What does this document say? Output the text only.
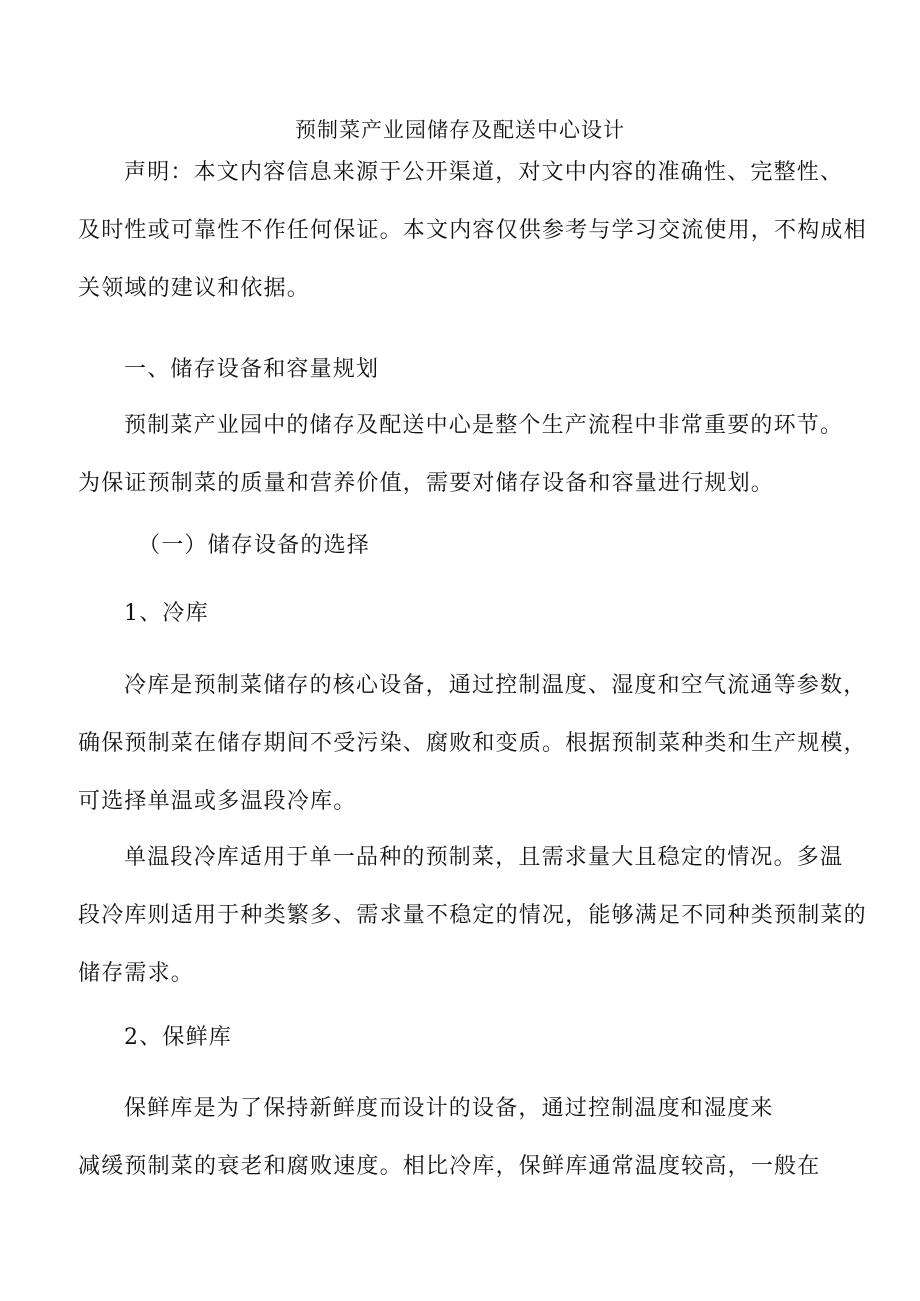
预制菜产业园储存及配送中心设计
声明：本文内容信息来源于公开渠道，对文中内容的准确性、完整性、
及时性或可靠性不作任何保证。本文内容仅供参考与学习交流使用，不构成相
关领域的建议和依据。
一、储存设备和容量规划
预制菜产业园中的储存及配送中心是整个生产流程中非常重要的环节。
为保证预制菜的质量和营养价值，需要对储存设备和容量进行规划。
（一）储存设备的选择
1、冷库
冷库是预制菜储存的核心设备，通过控制温度、湿度和空气流通等参数，
确保预制菜在储存期间不受污染、腐败和变质。根据预制菜种类和生产规模，
可选择单温或多温段冷库。
单温段冷库适用于单一品种的预制菜，且需求量大且稳定的情况。多温
段冷库则适用于种类繁多、需求量不稳定的情况，能够满足不同种类预制菜的
储存需求。
2、保鲜库
保鲜库是为了保持新鲜度而设计的设备，通过控制温度和湿度来
减缓预制菜的衰老和腐败速度。相比冷库，保鲜库通常温度较高，一般在
